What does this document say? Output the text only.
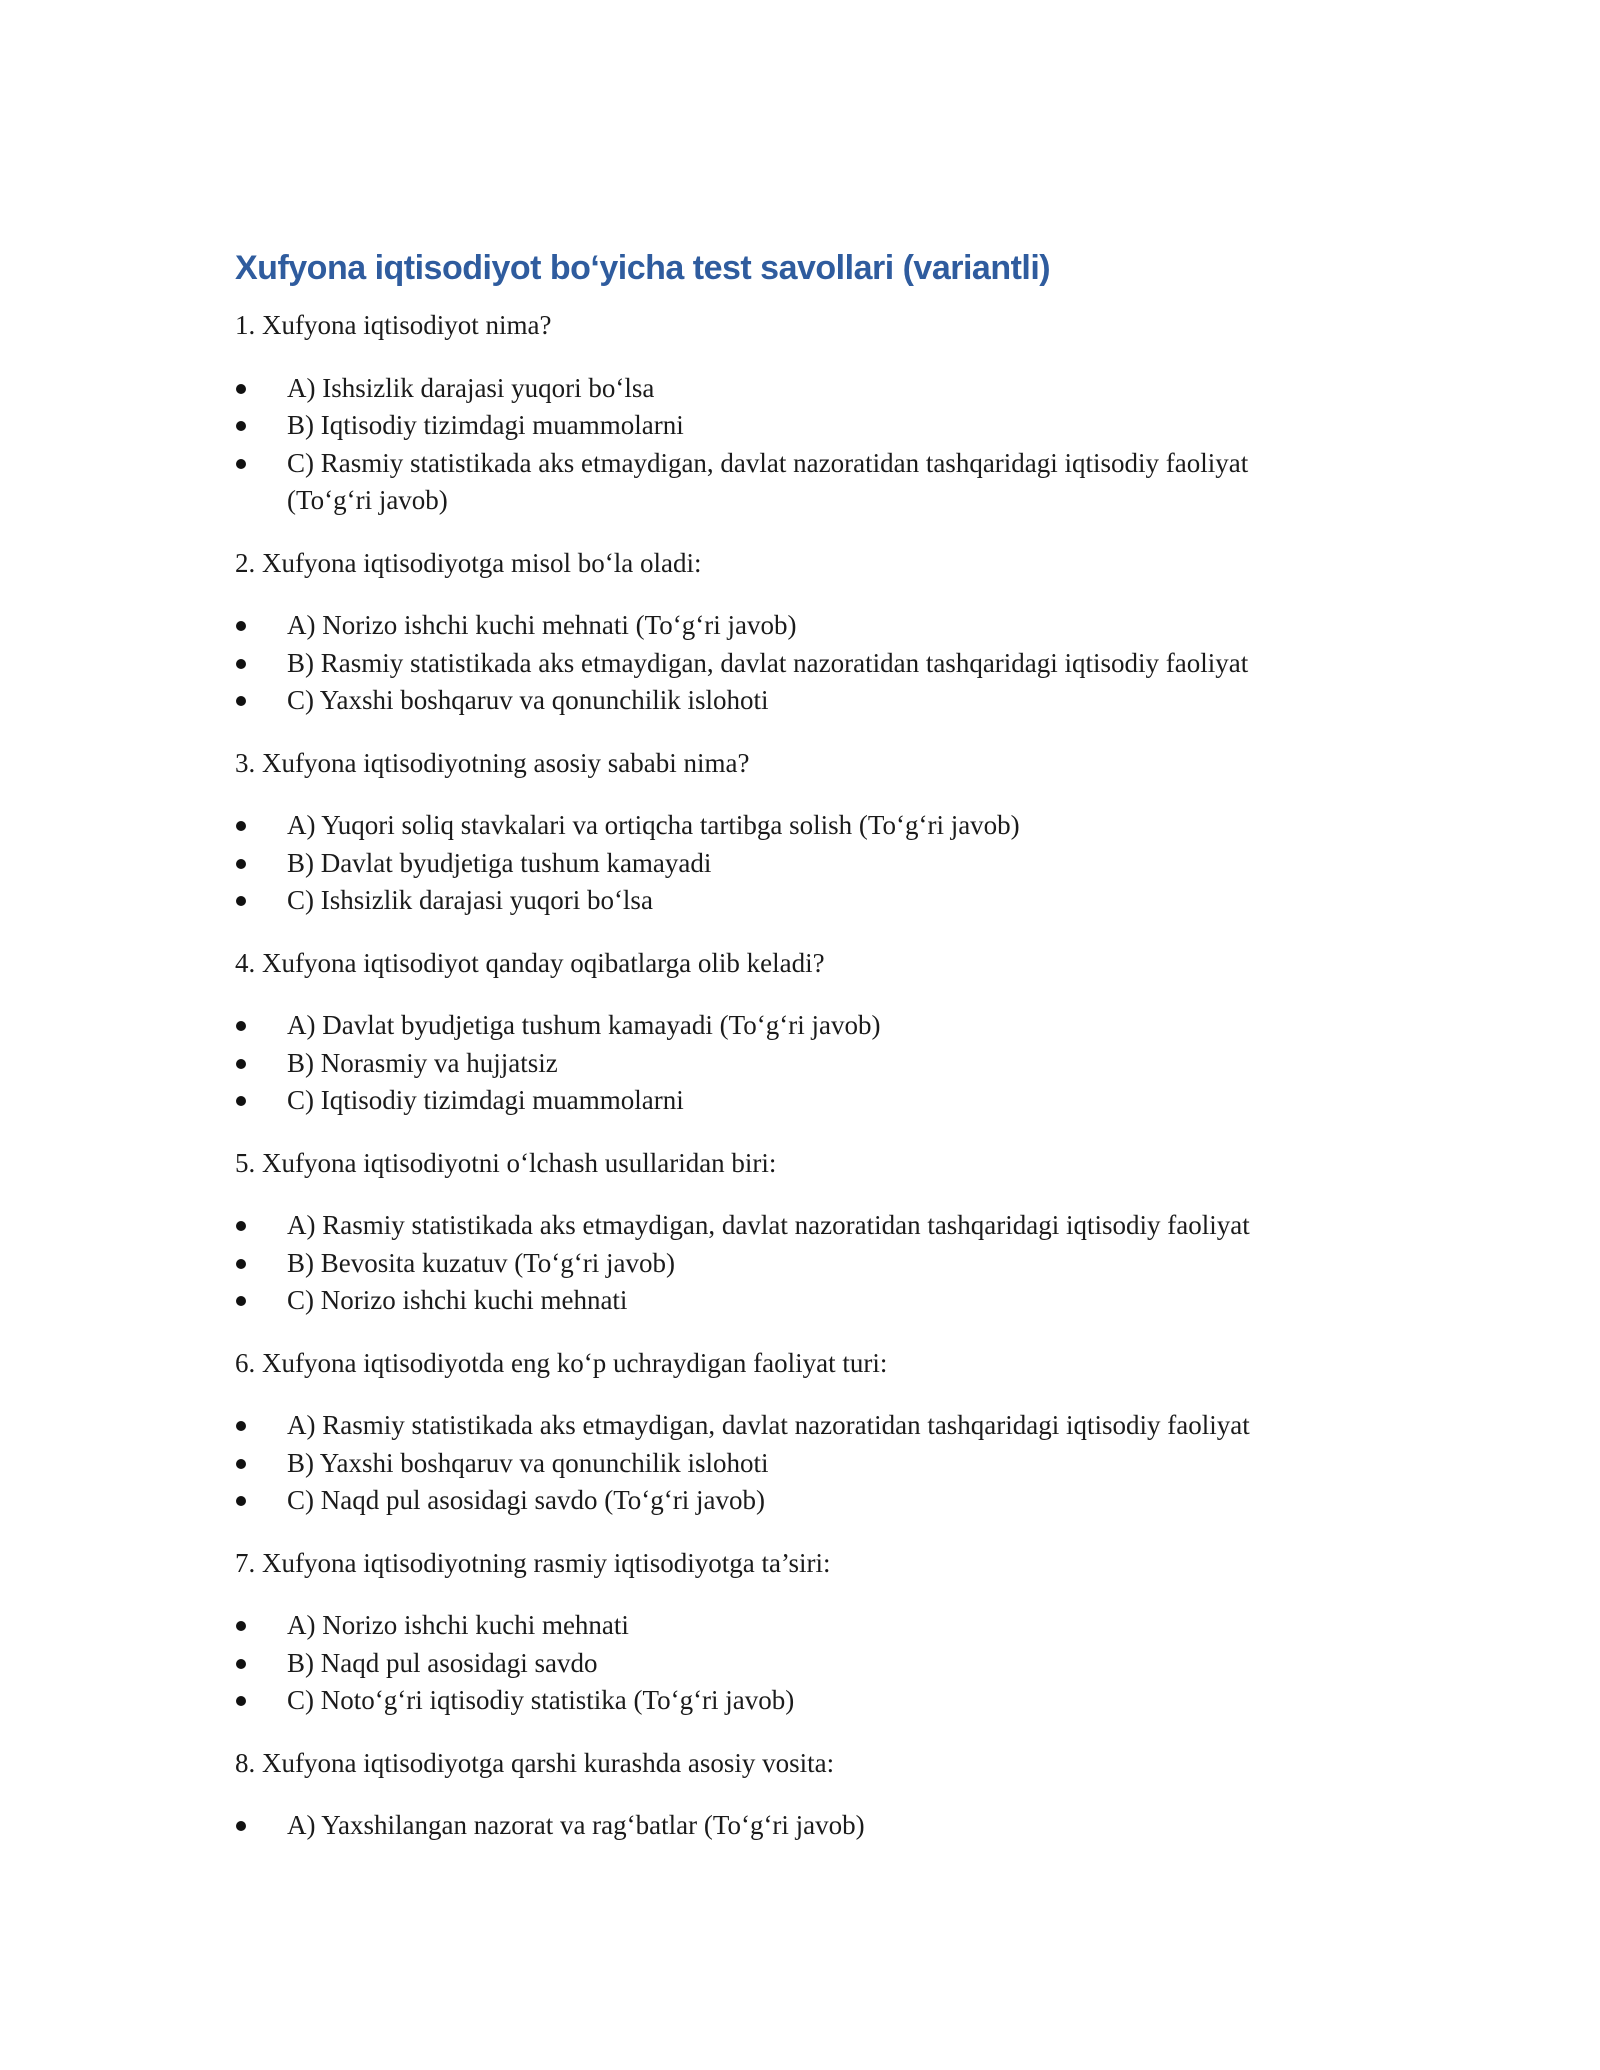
Xufyona iqtisodiyot bo‘yicha test savollari (variantli)

1. Xufyona iqtisodiyot nima?

A) Ishsizlik darajasi yuqori bo‘lsa
B) Iqtisodiy tizimdagi muammolarni
C) Rasmiy statistikada aks etmaydigan, davlat nazoratidan tashqaridagi iqtisodiy faoliyat
(To‘g‘ri javob)

2. Xufyona iqtisodiyotga misol bo‘la oladi:

A) Norizo ishchi kuchi mehnati (To‘g‘ri javob)
B) Rasmiy statistikada aks etmaydigan, davlat nazoratidan tashqaridagi iqtisodiy faoliyat
C) Yaxshi boshqaruv va qonunchilik islohoti

3. Xufyona iqtisodiyotning asosiy sababi nima?

A) Yuqori soliq stavkalari va ortiqcha tartibga solish (To‘g‘ri javob)
B) Davlat byudjetiga tushum kamayadi
C) Ishsizlik darajasi yuqori bo‘lsa

4. Xufyona iqtisodiyot qanday oqibatlarga olib keladi?

A) Davlat byudjetiga tushum kamayadi (To‘g‘ri javob)
B) Norasmiy va hujjatsiz
C) Iqtisodiy tizimdagi muammolarni

5. Xufyona iqtisodiyotni o‘lchash usullaridan biri:

A) Rasmiy statistikada aks etmaydigan, davlat nazoratidan tashqaridagi iqtisodiy faoliyat
B) Bevosita kuzatuv (To‘g‘ri javob)
C) Norizo ishchi kuchi mehnati

6. Xufyona iqtisodiyotda eng ko‘p uchraydigan faoliyat turi:

A) Rasmiy statistikada aks etmaydigan, davlat nazoratidan tashqaridagi iqtisodiy faoliyat
B) Yaxshi boshqaruv va qonunchilik islohoti
C) Naqd pul asosidagi savdo (To‘g‘ri javob)

7. Xufyona iqtisodiyotning rasmiy iqtisodiyotga ta’siri:

A) Norizo ishchi kuchi mehnati
B) Naqd pul asosidagi savdo
C) Noto‘g‘ri iqtisodiy statistika (To‘g‘ri javob)

8. Xufyona iqtisodiyotga qarshi kurashda asosiy vosita:

A) Yaxshilangan nazorat va rag‘batlar (To‘g‘ri javob)
